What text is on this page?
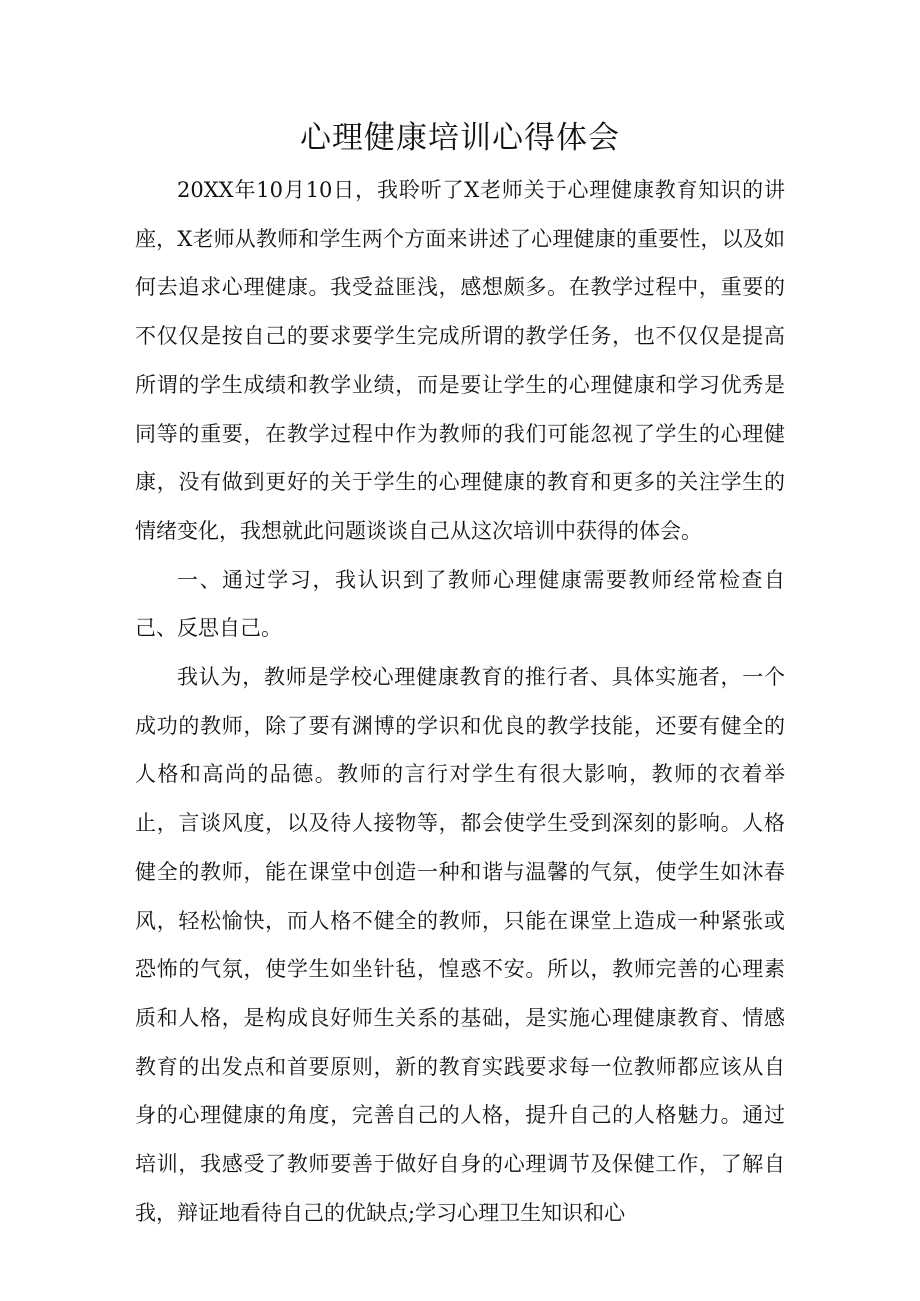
心理健康培训心得体会

20XX年10月10日，我聆听了X老师关于心理健康教育知识的讲座，X老师从教师和学生两个方面来讲述了心理健康的重要性，以及如何去追求心理健康。我受益匪浅，感想颇多。在教学过程中，重要的不仅仅是按自己的要求要学生完成所谓的教学任务，也不仅仅是提高所谓的学生成绩和教学业绩，而是要让学生的心理健康和学习优秀是同等的重要，在教学过程中作为教师的我们可能忽视了学生的心理健康，没有做到更好的关于学生的心理健康的教育和更多的关注学生的情绪变化，我想就此问题谈谈自己从这次培训中获得的体会。

一、通过学习，我认识到了教师心理健康需要教师经常检查自己、反思自己。

我认为，教师是学校心理健康教育的推行者、具体实施者，一个成功的教师，除了要有渊博的学识和优良的教学技能，还要有健全的人格和高尚的品德。教师的言行对学生有很大影响，教师的衣着举止，言谈风度，以及待人接物等，都会使学生受到深刻的影响。人格健全的教师，能在课堂中创造一种和谐与温馨的气氛，使学生如沐春风，轻松愉快，而人格不健全的教师，只能在课堂上造成一种紧张或恐怖的气氛，使学生如坐针毡，惶惑不安。所以，教师完善的心理素质和人格，是构成良好师生关系的基础，是实施心理健康教育、情感教育的出发点和首要原则，新的教育实践要求每一位教师都应该从自身的心理健康的角度，完善自己的人格，提升自己的人格魅力。通过培训，我感受了教师要善于做好自身的心理调节及保健工作，了解自我，辩证地看待自己的优缺点;学习心理卫生知识和心
